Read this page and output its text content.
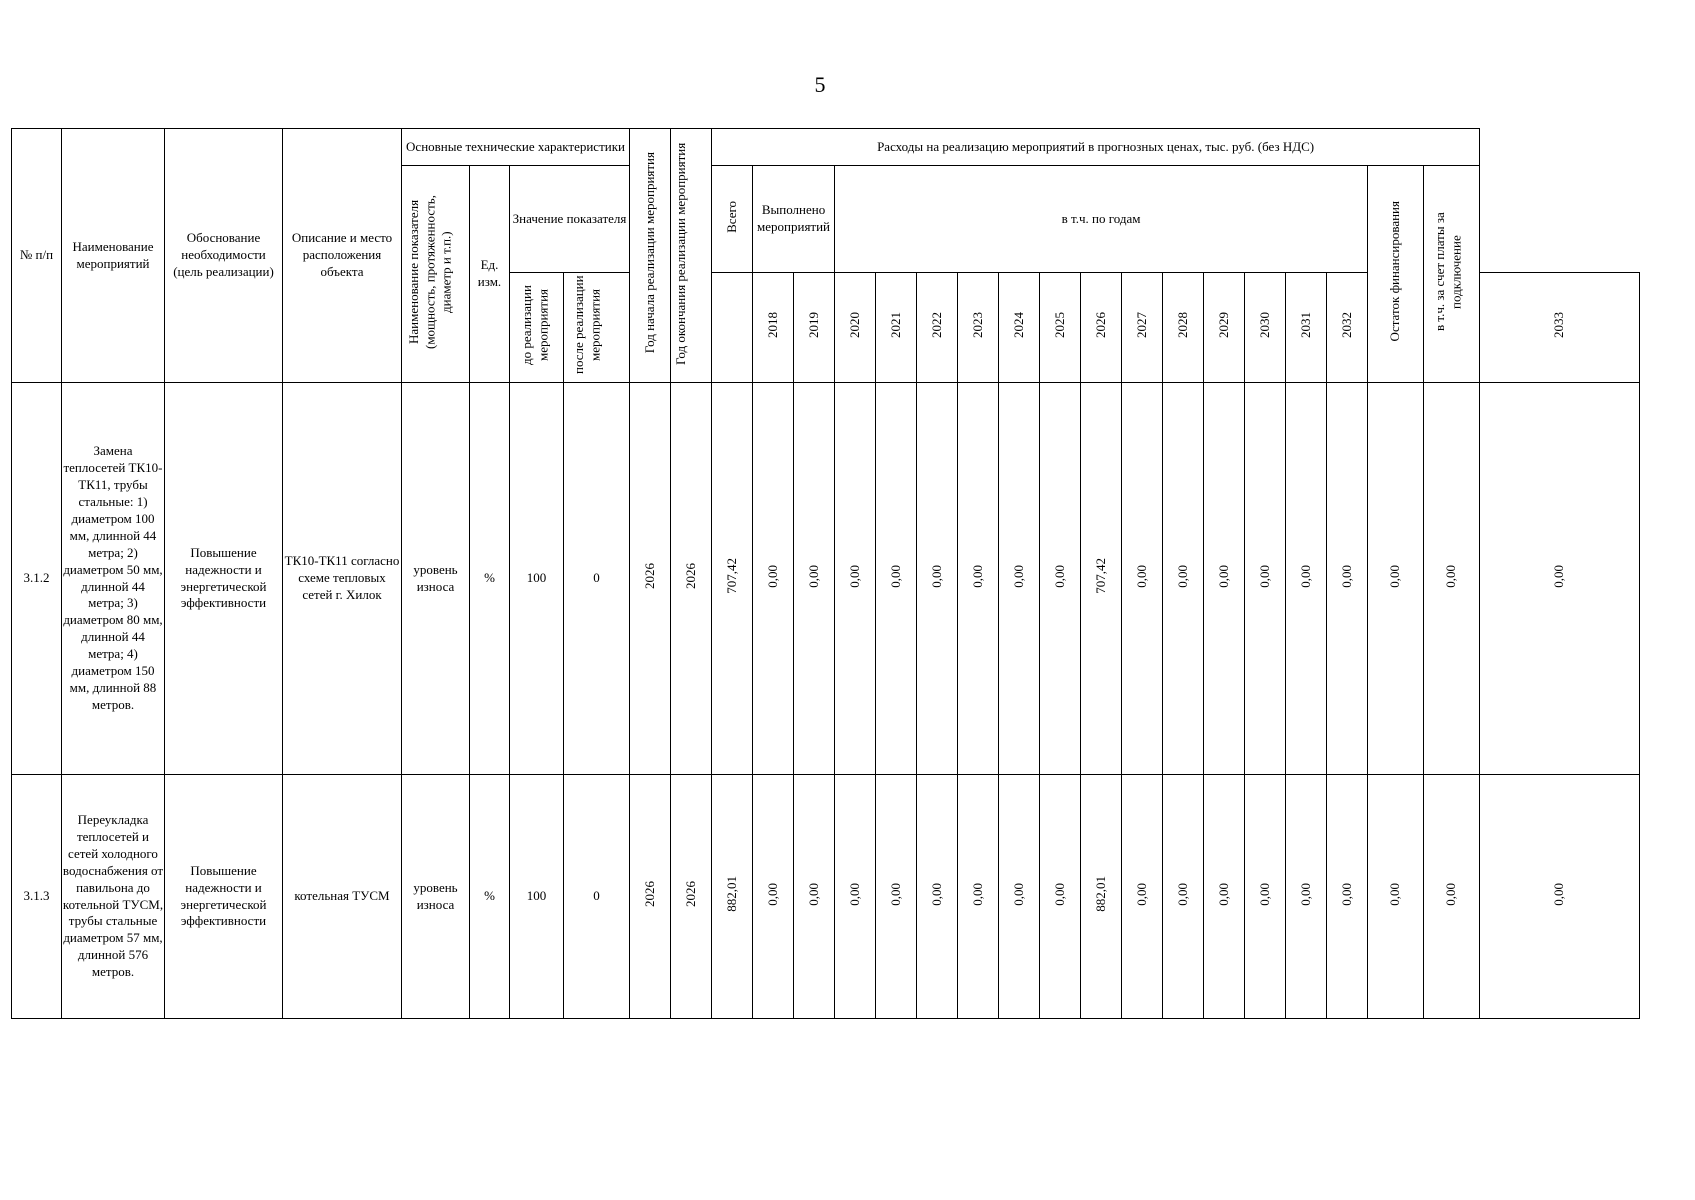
5
№ п/п	Наименование мероприятий	Обоснование необходимости (цель реализации)	Описание и место расположения объекта	Основные технические характеристики				Год начала реализации мероприятия	Год окончания реализации мероприятия	Расходы на реализацию мероприятий в прогнозных ценах, тыс. руб. (без НДС)																		
				Наименование показателя (мощность, протяженность, диаметр и т.п.)	Ед. изм.	Значение показателя				Всего	Выполнено мероприятий		в т.ч. по годам													Остаток финансирования	в т.ч. за счет платы за подключение	
						до реализации мероприятия	после реализации мероприятия				2018	2019	2020	2021	2022	2023	2024	2025	2026	2027	2028	2029	2030	2031	2032			2033
3.1.2	Замена теплосетей ТК10-ТК11, трубы стальные: 1) диаметром 100 мм, длинной 44 метра; 2) диаметром 50 мм, длинной 44 метра; 3) диаметром 80 мм, длинной 44 метра; 4) диаметром 150 мм, длинной 88 метров.	Повышение надежности и энергетической эффективности	ТК10-ТК11 согласно схеме тепловых сетей г. Хилок	уровень износа	%	100	0	2026	2026	707,42	0,00	0,00	0,00	0,00	0,00	0,00	0,00	0,00	707,42	0,00	0,00	0,00	0,00	0,00	0,00	0,00	0,00	0,00
3.1.3	Переукладка теплосетей и сетей холодного водоснабжения от павильона до котельной ТУСМ, трубы стальные диаметром 57 мм, длинной 576 метров.	Повышение надежности и энергетической эффективности	котельная ТУСМ	уровень износа	%	100	0	2026	2026	882,01	0,00	0,00	0,00	0,00	0,00	0,00	0,00	0,00	882,01	0,00	0,00	0,00	0,00	0,00	0,00	0,00	0,00	0,00
